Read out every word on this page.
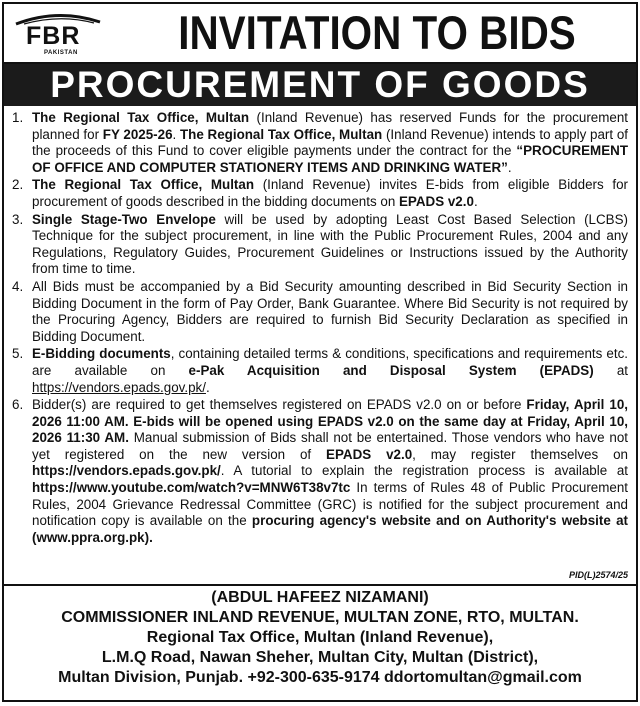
FBR
PAKISTAN	INVITATION TO BIDS
PROCUREMENT OF GOODS
1. The Regional Tax Office, Multan (Inland Revenue) has reserved Funds for the procurement planned for FY 2025-26. The Regional Tax Office, Multan (Inland Revenue) intends to apply part of the proceeds of this Fund to cover eligible payments under the contract for the “PROCUREMENT OF OFFICE AND COMPUTER STATIONERY ITEMS AND DRINKING WATER”.
2. The Regional Tax Office, Multan (Inland Revenue) invites E-bids from eligible Bidders for procurement of goods described in the bidding documents on EPADS v2.0.
3. Single Stage-Two Envelope will be used by adopting Least Cost Based Selection (LCBS) Technique for the subject procurement, in line with the Public Procurement Rules, 2004 and any Regulations, Regulatory Guides, Procurement Guidelines or Instructions issued by the Authority from time to time.
4. All Bids must be accompanied by a Bid Security amounting described in Bid Security Section in Bidding Document in the form of Pay Order, Bank Guarantee. Where Bid Security is not required by the Procuring Agency, Bidders are required to furnish Bid Security Declaration as specified in Bidding Document.
5. E-Bidding documents, containing detailed terms & conditions, specifications and requirements etc. are available on e-Pak Acquisition and Disposal System (EPADS) at https://vendors.epads.gov.pk/.
6. Bidder(s) are required to get themselves registered on EPADS v2.0 on or before Friday, April 10, 2026 11:00 AM. E-bids will be opened using EPADS v2.0 on the same day at Friday, April 10, 2026 11:30 AM. Manual submission of Bids shall not be entertained. Those vendors who have not yet registered on the new version of EPADS v2.0, may register themselves on https://vendors.epads.gov.pk/. A tutorial to explain the registration process is available at https://www.youtube.com/watch?v=MNW6T38v7tc In terms of Rules 48 of Public Procurement Rules, 2004 Grievance Redressal Committee (GRC) is notified for the subject procurement and notification copy is available on the procuring agency's website and on Authority's website at (www.ppra.org.pk).
PID(L)2574/25
(ABDUL HAFEEZ NIZAMANI)
COMMISSIONER INLAND REVENUE, MULTAN ZONE, RTO, MULTAN.
Regional Tax Office, Multan (Inland Revenue),
L.M.Q Road, Nawan Sheher, Multan City, Multan (District),
Multan Division, Punjab. +92-300-635-9174 ddortomultan@gmail.com
